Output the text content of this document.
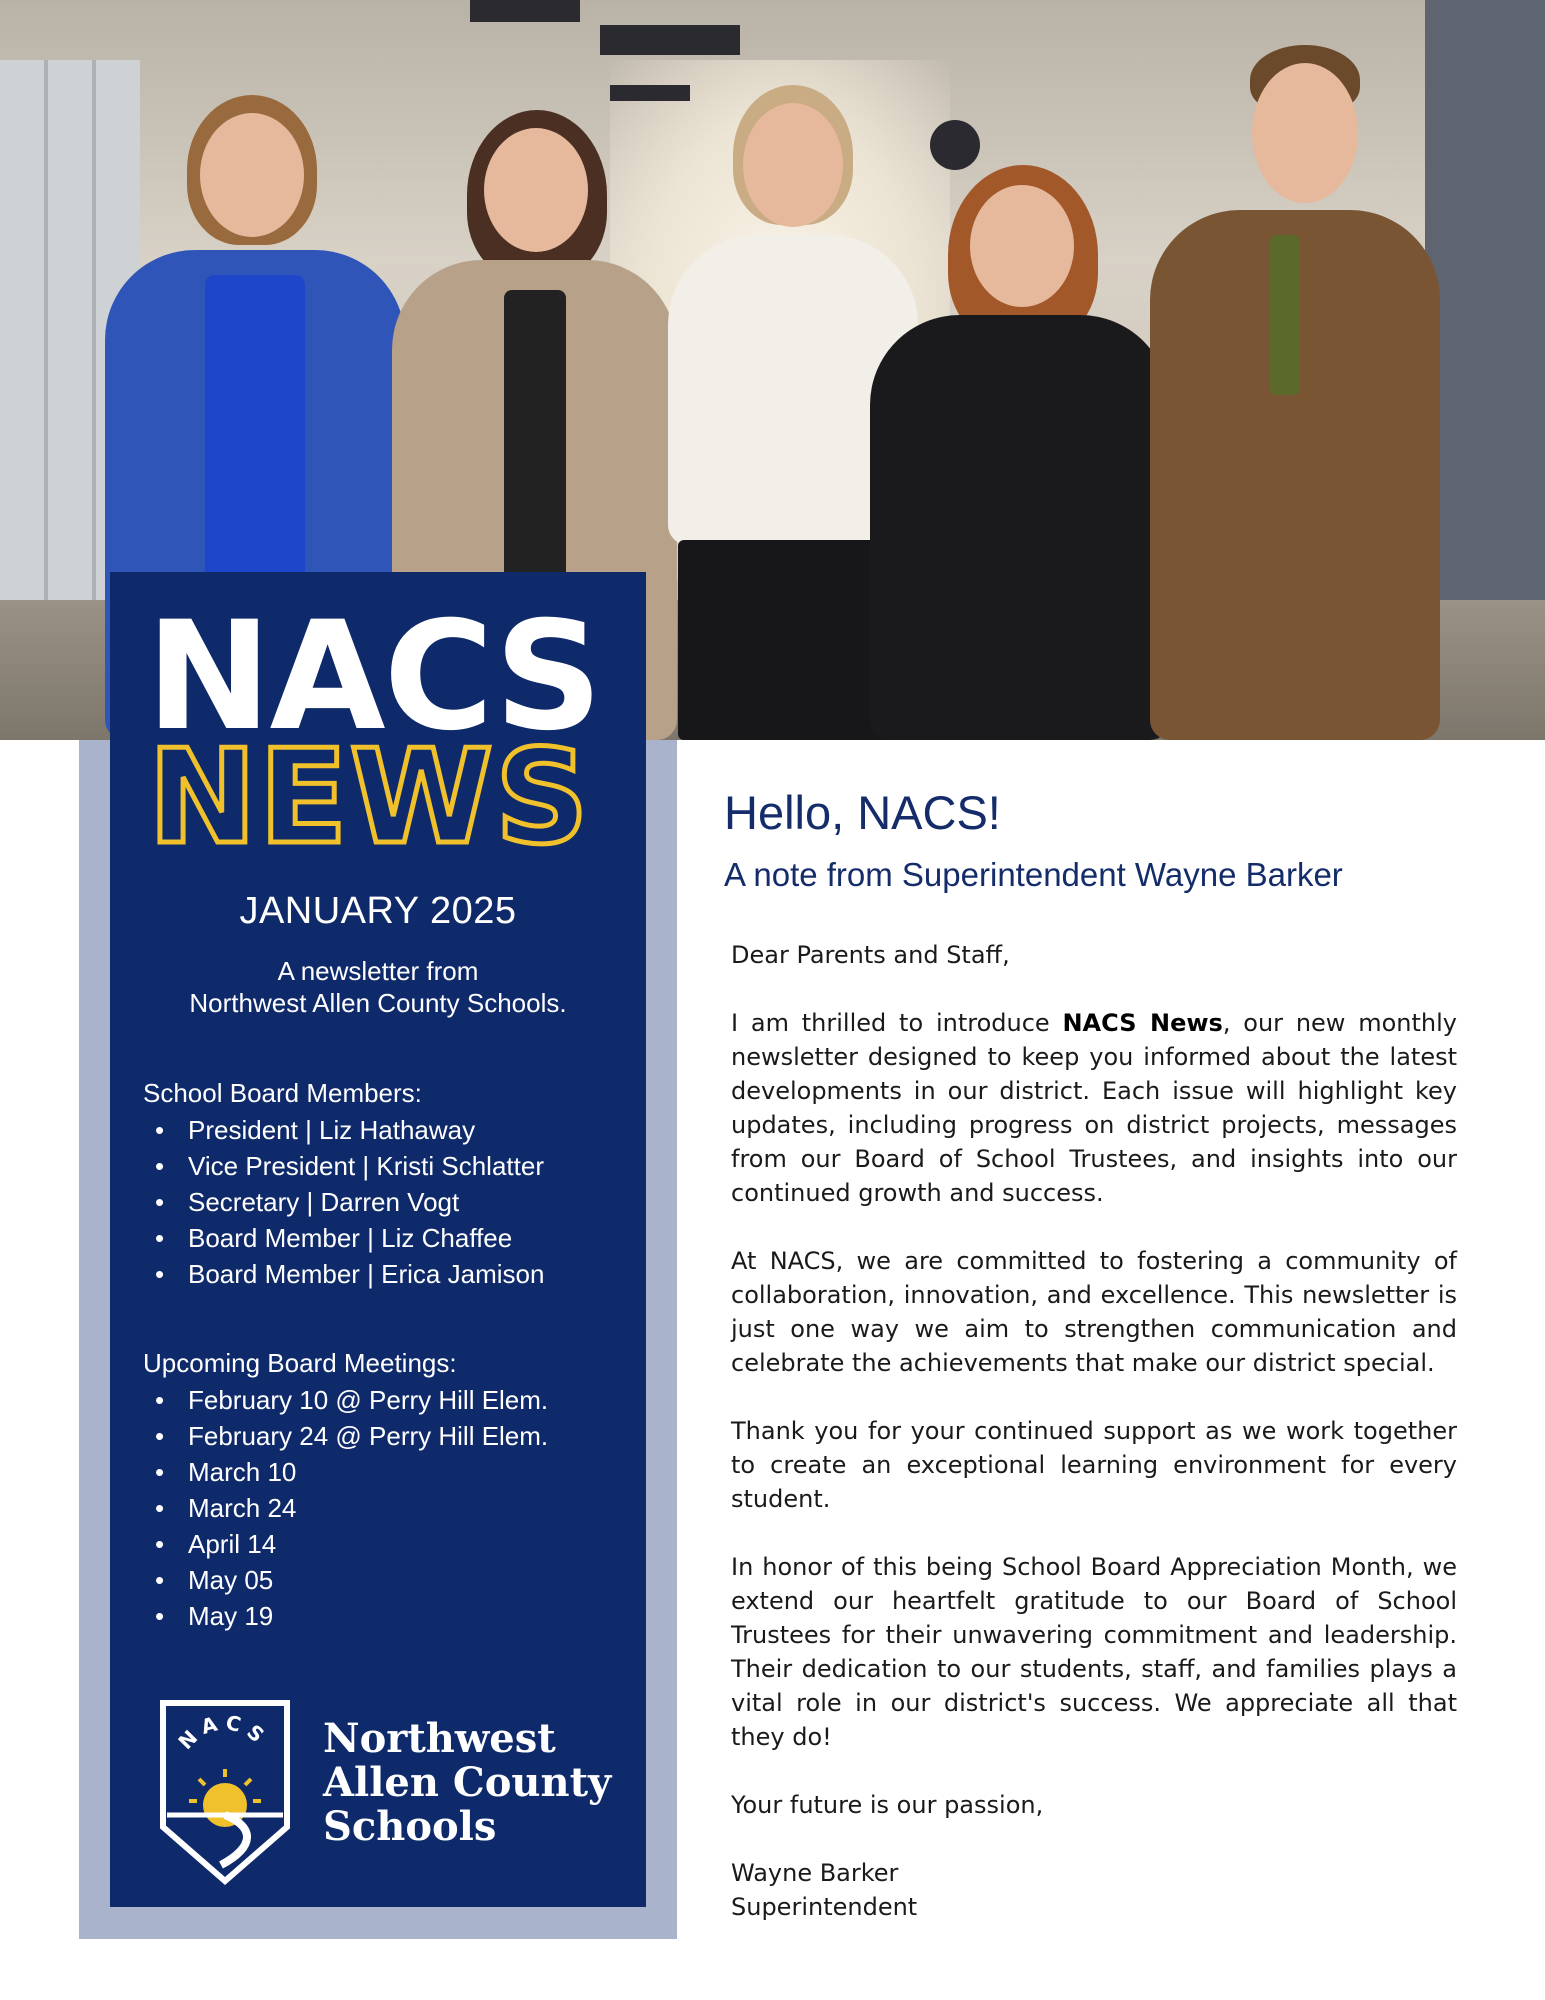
NACS
NEWS
JANUARY 2025
A newsletter from
Northwest Allen County Schools.
School Board Members:
• President | Liz Hathaway
• Vice President | Kristi Schlatter
• Secretary | Darren Vogt
• Board Member | Liz Chaffee
• Board Member | Erica Jamison
Upcoming Board Meetings:
• February 10 @ Perry Hill Elem.
• February 24 @ Perry Hill Elem.
• March 10
• March 24
• April 14
• May 05
• May 19
NACS Northwest
Allen County
Schools
Hello, NACS!
A note from Superintendent Wayne Barker

Dear Parents and Staff,

I am thrilled to introduce NACS News, our new monthly newsletter designed to keep you informed about the latest developments in our district. Each issue will highlight key updates, including progress on district projects, messages from our Board of School Trustees, and insights into our continued growth and success.

At NACS, we are committed to fostering a community of collaboration, innovation, and excellence. This newsletter is just one way we aim to strengthen communication and celebrate the achievements that make our district special.

Thank you for your continued support as we work together to create an exceptional learning environment for every student.

In honor of this being School Board Appreciation Month, we extend our heartfelt gratitude to our Board of School Trustees for their unwavering commitment and leadership. Their dedication to our students, staff, and families plays a vital role in our district's success. We appreciate all that they do!

Your future is our passion,

Wayne Barker

Superintendent
